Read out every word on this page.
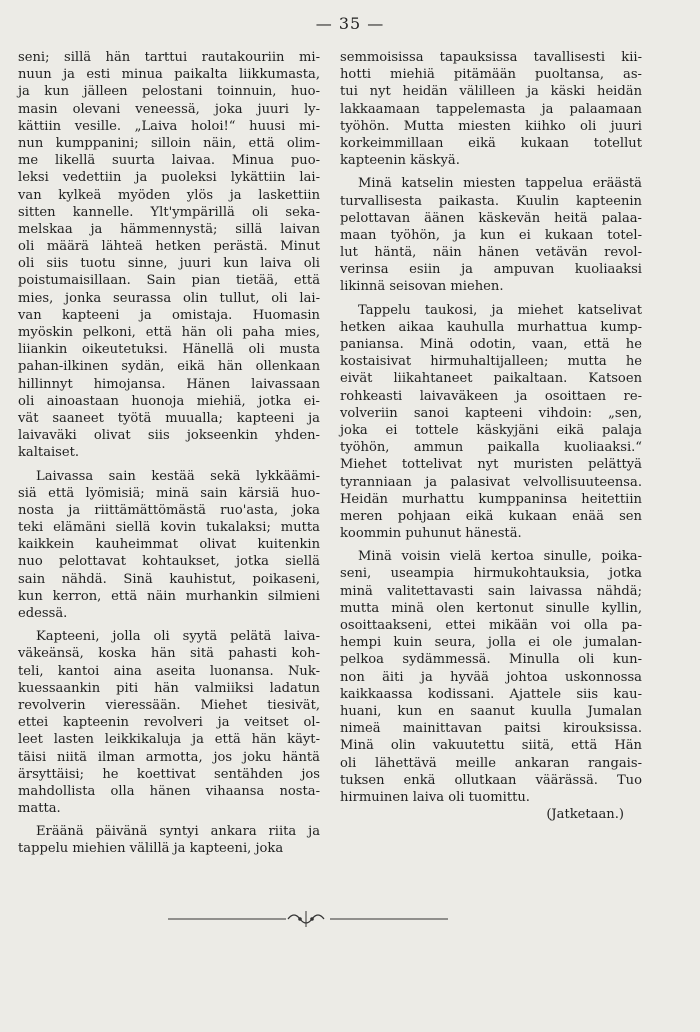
— 35 —
seni; sillä hän tarttui rautakouriin mi-
nuun ja esti minua paikalta liikkumasta,
ja kun jälleen pelostani toinnuin, huo-
masin olevani veneessä, joka juuri ly-
kättiin vesille. „Laiva holoi!“ huusi mi-
nun kumppanini; silloin näin, että olim-
me likellä suurta laivaa. Minua puo-
leksi vedettiin ja puoleksi lykättiin lai-
van kylkeä myöden ylös ja laskettiin
sitten kannelle. Ylt'ympärillä oli seka-
melskaa ja hämmennystä; sillä laivan
oli määrä lähteä hetken perästä. Minut
oli siis tuotu sinne, juuri kun laiva oli
poistumaisillaan. Sain pian tietää, että
mies, jonka seurassa olin tullut, oli lai-
van kapteeni ja omistaja. Huomasin
myöskin pelkoni, että hän oli paha mies,
liiankin oikeutetuksi. Hänellä oli musta
pahan-ilkinen sydän, eikä hän ollenkaan
hillinnyt himojansa. Hänen laivassaan
oli ainoastaan huonoja miehiä, jotka ei-
vät saaneet työtä muualla; kapteeni ja
laivaväki olivat siis jokseenkin yhden-
kaltaiset.
Laivassa sain kestää sekä lykkäämi-
siä että lyömisiä; minä sain kärsiä huo-
nosta ja riittämättömästä ruo'asta, joka
teki elämäni siellä kovin tukalaksi; mutta
kaikkein kauheimmat olivat kuitenkin
nuo pelottavat kohtaukset, jotka siellä
sain nähdä. Sinä kauhistut, poikaseni,
kun kerron, että näin murhankin silmieni
edessä.
Kapteeni, jolla oli syytä pelätä laiva-
väkeänsä, koska hän sitä pahasti koh-
teli, kantoi aina aseita luonansa. Nuk-
kuessaankin piti hän valmiiksi ladatun
revolverin vieressään. Miehet tiesivät,
ettei kapteenin revolveri ja veitset ol-
leet lasten leikkikaluja ja että hän käyt-
täisi niitä ilman armotta, jos joku häntä
ärsyttäisi; he koettivat sentähden jos
mahdollista olla hänen vihaansa nosta-
matta.
Eräänä päivänä syntyi ankara riita ja
tappelu miehien välillä ja kapteeni, joka
semmoisissa tapauksissa tavallisesti kii-
hotti miehiä pitämään puoltansa, as-
tui nyt heidän välilleen ja käski heidän
lakkaamaan tappelemasta ja palaamaan
työhön. Mutta miesten kiihko oli juuri
korkeimmillaan eikä kukaan totellut
kapteenin käskyä.
Minä katselin miesten tappelua eräästä
turvallisesta paikasta. Kuulin kapteenin
pelottavan äänen käskevän heitä palaa-
maan työhön, ja kun ei kukaan totel-
lut häntä, näin hänen vetävän revol-
verinsa esiin ja ampuvan kuoliaaksi
likinnä seisovan miehen.
Tappelu taukosi, ja miehet katselivat
hetken aikaa kauhulla murhattua kump-
paniansa. Minä odotin, vaan, että he
kostaisivat hirmuhaltijalleen; mutta he
eivät liikahtaneet paikaltaan. Katsoen
rohkeasti laivaväkeen ja osoittaen re-
volveriin sanoi kapteeni vihdoin: „sen,
joka ei tottele käskyjäni eikä palaja
työhön, ammun paikalla kuoliaaksi.“
Miehet tottelivat nyt muristen pelättyä
tyranniaan ja palasivat velvollisuuteensa.
Heidän murhattu kumppaninsa heitettiin
meren pohjaan eikä kukaan enää sen
koommin puhunut hänestä.
Minä voisin vielä kertoa sinulle, poika-
seni, useampia hirmukohtauksia, jotka
minä valitettavasti sain laivassa nähdä;
mutta minä olen kertonut sinulle kyllin,
osoittaakseni, ettei mikään voi olla pa-
hempi kuin seura, jolla ei ole jumalan-
pelkoa sydämmessä. Minulla oli kun-
non äiti ja hyvää johtoa uskonnossa
kaikkaassa kodissani. Ajattele siis kau-
huani, kun en saanut kuulla Jumalan
nimeä mainittavan paitsi kirouksissa.
Minä olin vakuutettu siitä, että Hän
oli lähettävä meille ankaran rangais-
tuksen enkä ollutkaan väärässä. Tuo
hirmuinen laiva oli tuomittu.
(Jatketaan.)
